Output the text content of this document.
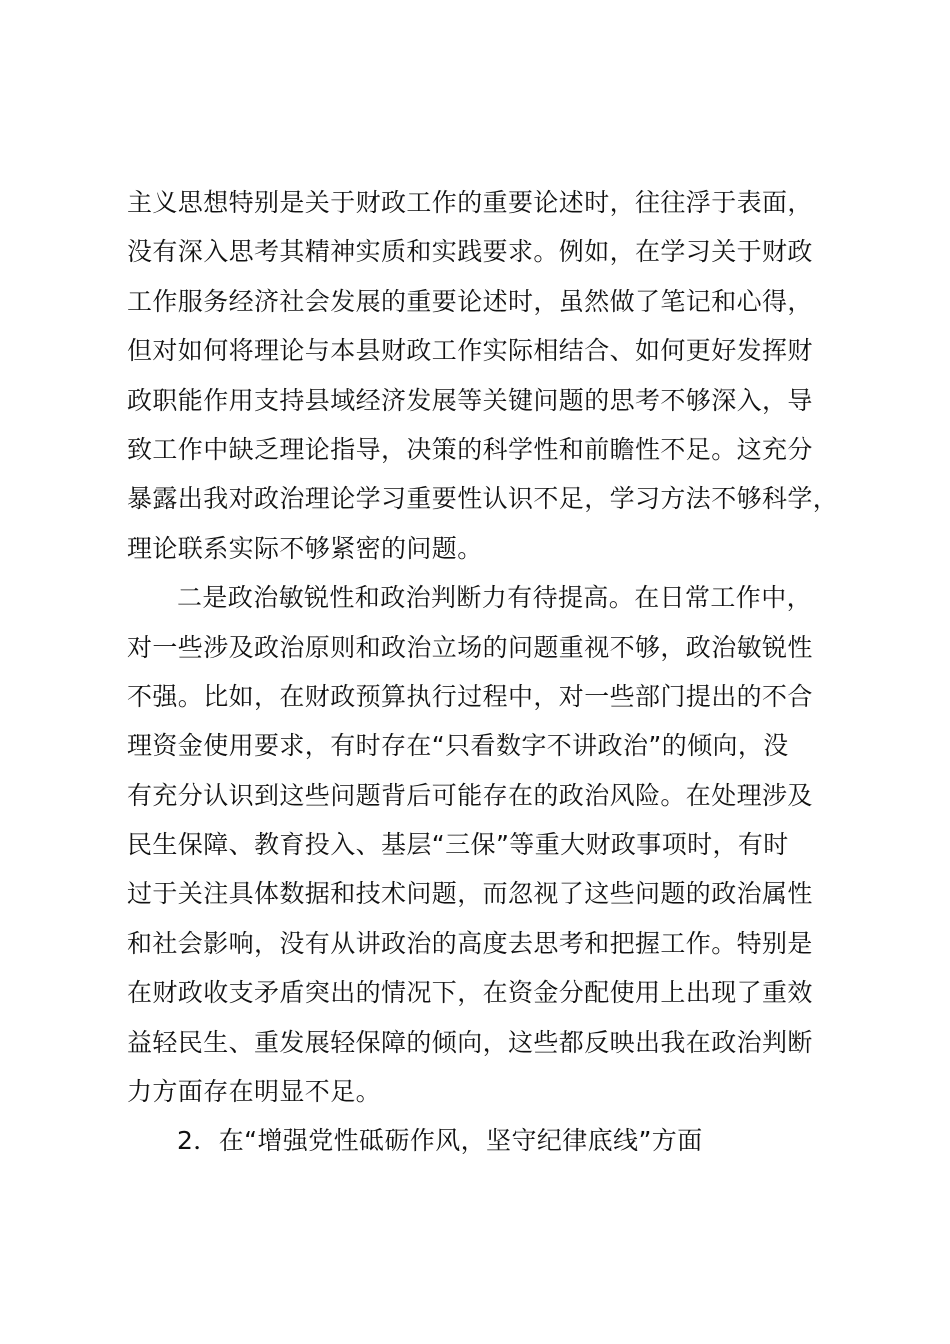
主义思想特别是关于财政工作的重要论述时，往往浮于表面，
没有深入思考其精神实质和实践要求。例如，在学习关于财政
工作服务经济社会发展的重要论述时，虽然做了笔记和心得，
但对如何将理论与本县财政工作实际相结合、如何更好发挥财
政职能作用支持县域经济发展等关键问题的思考不够深入，导
致工作中缺乏理论指导，决策的科学性和前瞻性不足。这充分
暴露出我对政治理论学习重要性认识不足，学习方法不够科学，
理论联系实际不够紧密的问题。
二是政治敏锐性和政治判断力有待提高。在日常工作中，
对一些涉及政治原则和政治立场的问题重视不够，政治敏锐性
不强。比如，在财政预算执行过程中，对一些部门提出的不合
理资金使用要求，有时存在“只看数字不讲政治”的倾向，没
有充分认识到这些问题背后可能存在的政治风险。在处理涉及
民生保障、教育投入、基层“三保”等重大财政事项时，有时
过于关注具体数据和技术问题，而忽视了这些问题的政治属性
和社会影响，没有从讲政治的高度去思考和把握工作。特别是
在财政收支矛盾突出的情况下，在资金分配使用上出现了重效
益轻民生、重发展轻保障的倾向，这些都反映出我在政治判断
力方面存在明显不足。
2．在“增强党性砥砺作风，坚守纪律底线”方面
